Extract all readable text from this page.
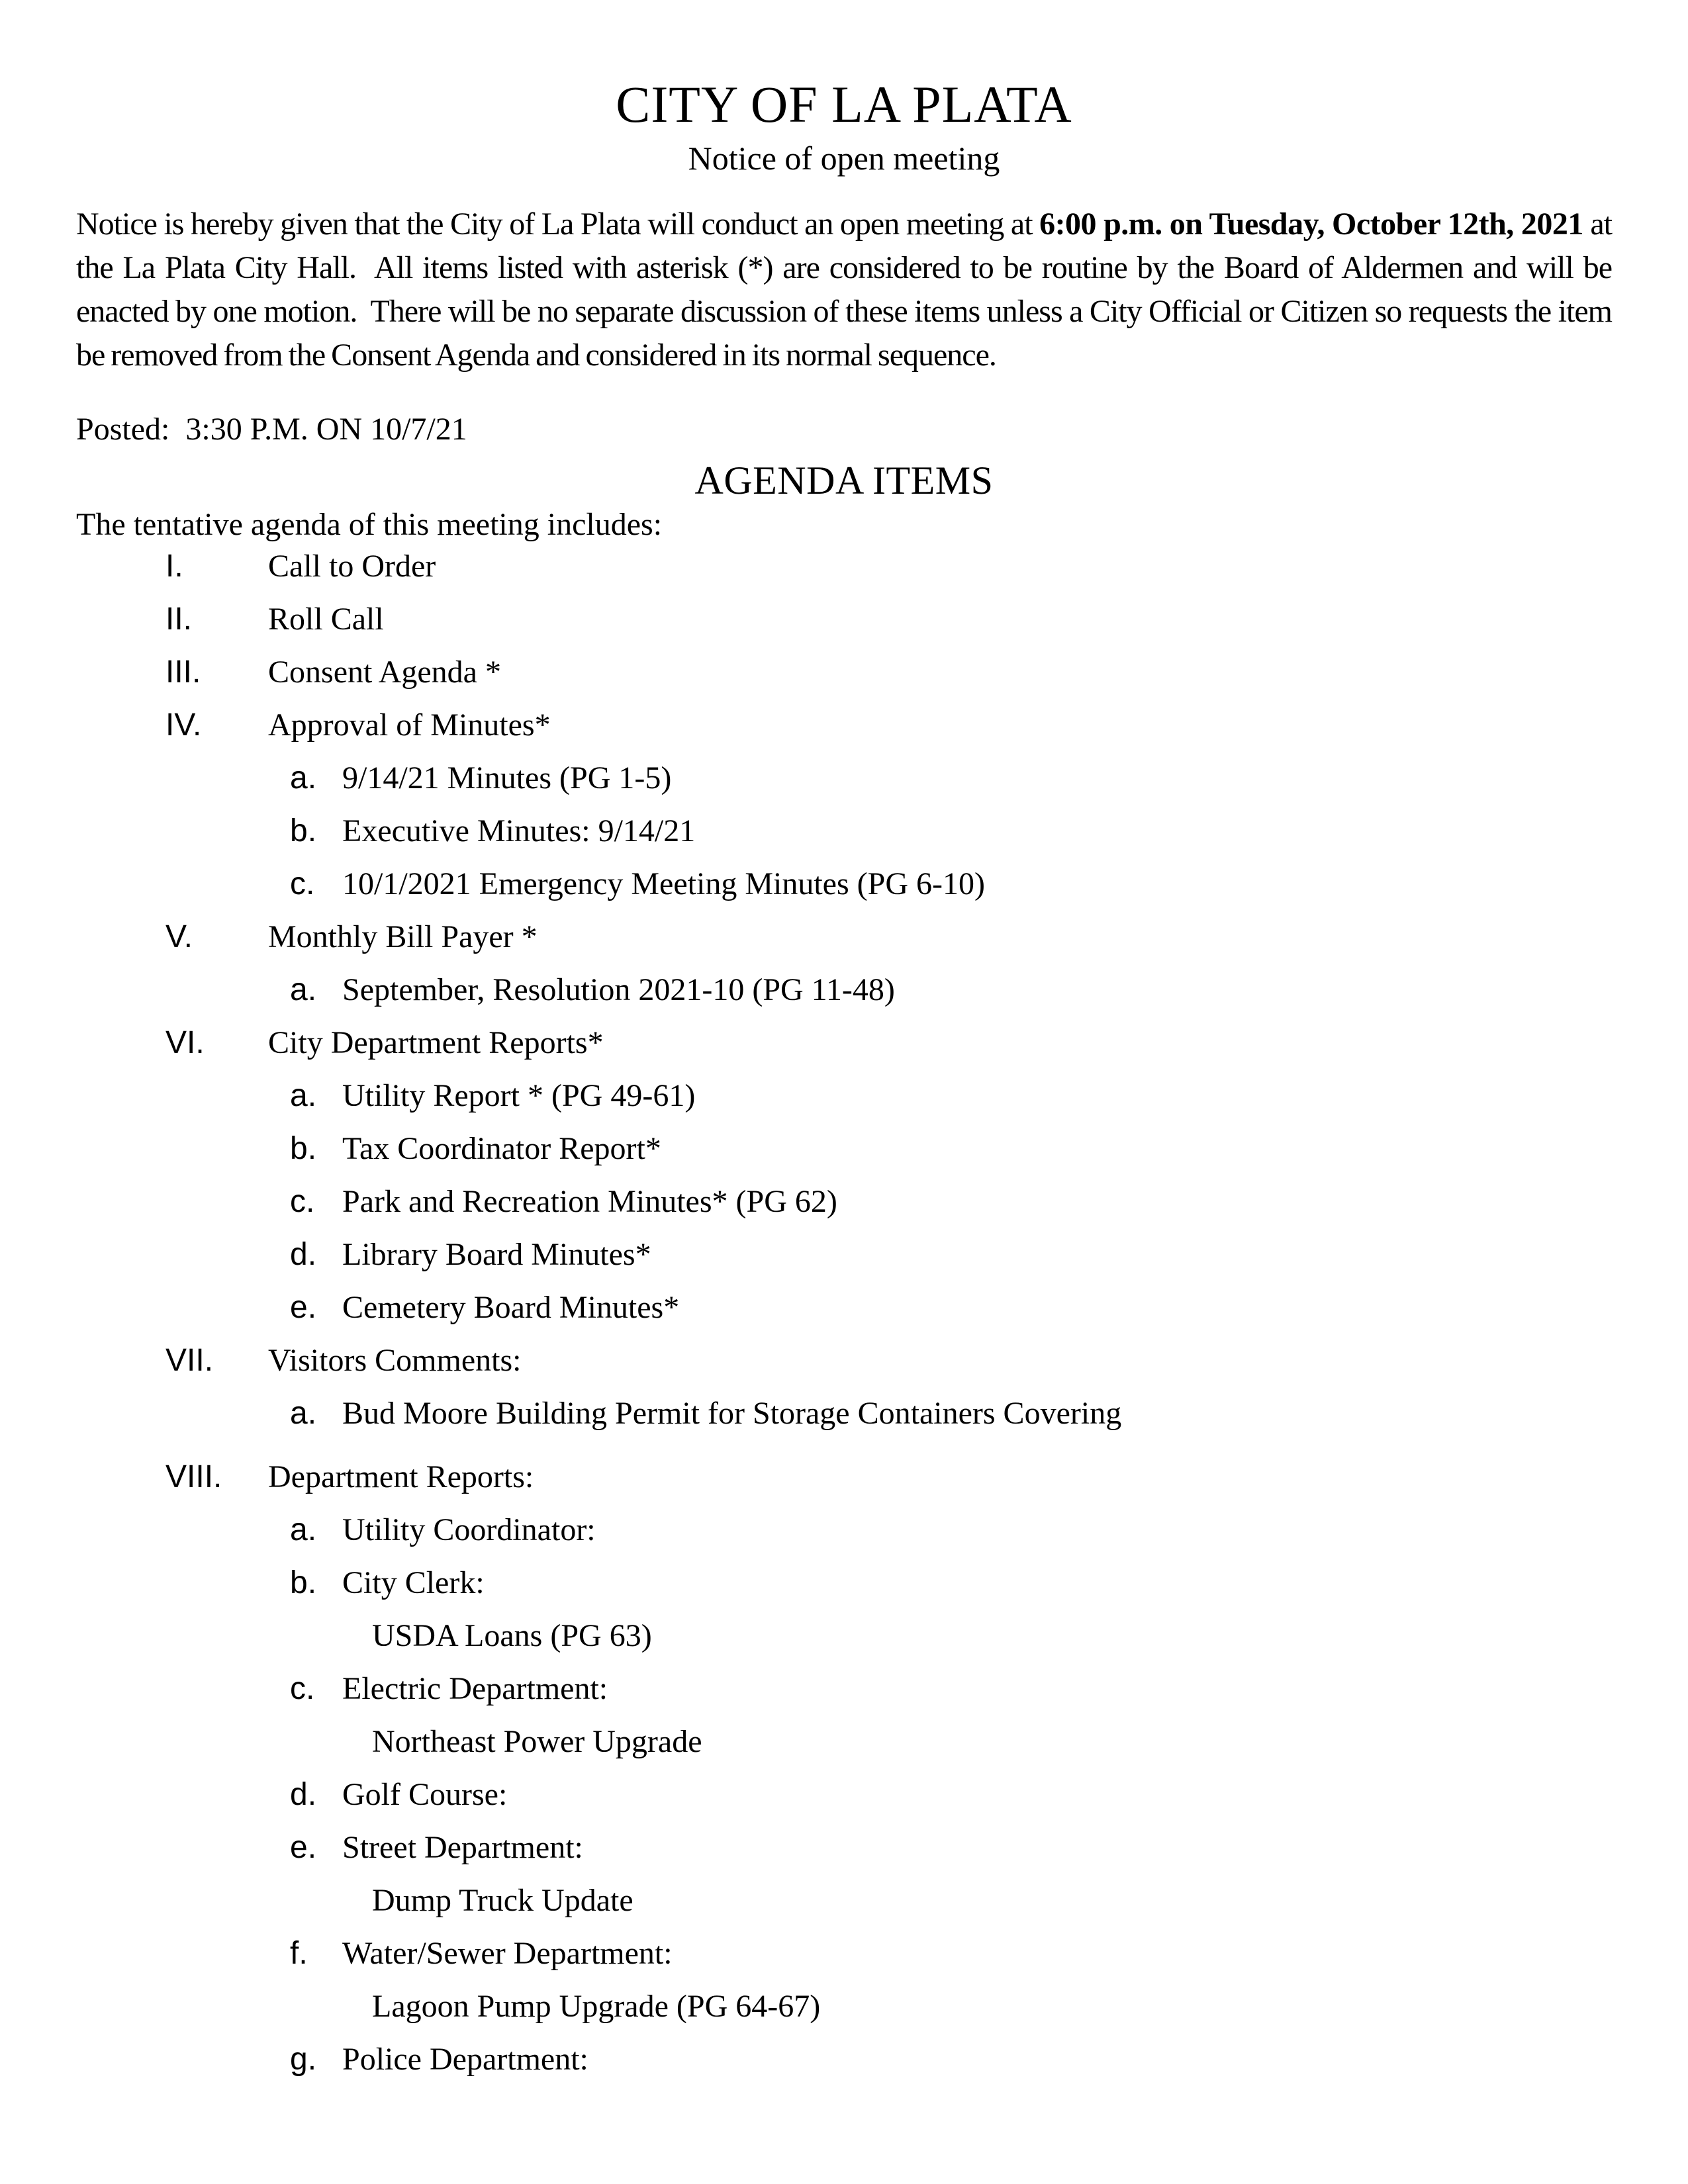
CITY OF LA PLATA
Notice of open meeting

Notice is hereby given that the City of La Plata will conduct an open meeting at 6:00 p.m. on Tuesday, October 12th, 2021 at the La Plata City Hall.  All items listed with asterisk (*) are considered to be routine by the Board of Aldermen and will be enacted by one motion.  There will be no separate discussion of these items unless a City Official or Citizen so requests the item be removed from the Consent Agenda and considered in its normal sequence.

Posted:  3:30 P.M. ON 10/7/21

AGENDA ITEMS

The tentative agenda of this meeting includes:

I.	Call to Order
II.	Roll Call
III.	Consent Agenda *
IV.	Approval of Minutes*
a. 9/14/21 Minutes (PG 1-5)
b. Executive Minutes: 9/14/21
c. 10/1/2021 Emergency Meeting Minutes (PG 6-10)
V.	Monthly Bill Payer *
a. September, Resolution 2021-10 (PG 11-48)
VI.	City Department Reports*
a. Utility Report * (PG 49-61)
b. Tax Coordinator Report*
c. Park and Recreation Minutes* (PG 62)
d. Library Board Minutes*
e. Cemetery Board Minutes*
VII.	Visitors Comments:
a. Bud Moore Building Permit for Storage Containers Covering
VIII.	Department Reports:
a. Utility Coordinator:
b. City Clerk:
USDA Loans (PG 63)
c. Electric Department:
Northeast Power Upgrade
d. Golf Course:
e. Street Department:
Dump Truck Update
f.	Water/Sewer Department:
Lagoon Pump Upgrade (PG 64-67)
g. Police Department:
